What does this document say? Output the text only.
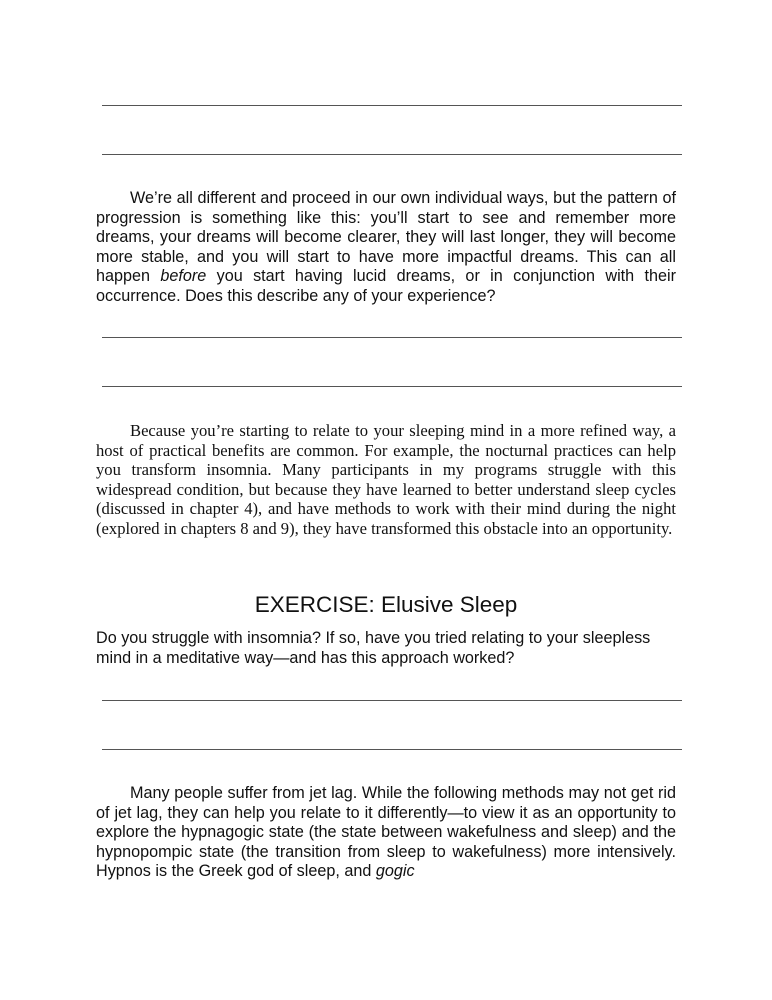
We’re all different and proceed in our own individual ways, but the pattern of progression is something like this: you’ll start to see and remember more dreams, your dreams will become clearer, they will last longer, they will become more stable, and you will start to have more impactful dreams. This can all happen before you start having lucid dreams, or in conjunction with their occurrence. Does this describe any of your experience?

Because you’re starting to relate to your sleeping mind in a more refined way, a host of practical benefits are common. For example, the nocturnal practices can help you transform insomnia. Many participants in my programs struggle with this widespread condition, but because they have learned to better understand sleep cycles (discussed in chapter 4), and have methods to work with their mind during the night (explored in chapters 8 and 9), they have transformed this obstacle into an opportunity.

EXERCISE: Elusive Sleep

Do you struggle with insomnia? If so, have you tried relating to your sleepless mind in a meditative way—and has this approach worked?

Many people suffer from jet lag. While the following methods may not get rid of jet lag, they can help you relate to it differently—to view it as an opportunity to explore the hypnagogic state (the state between wakefulness and sleep) and the hypnopompic state (the transition from sleep to wakefulness) more intensively. Hypnos is the Greek god of sleep, and gogic
